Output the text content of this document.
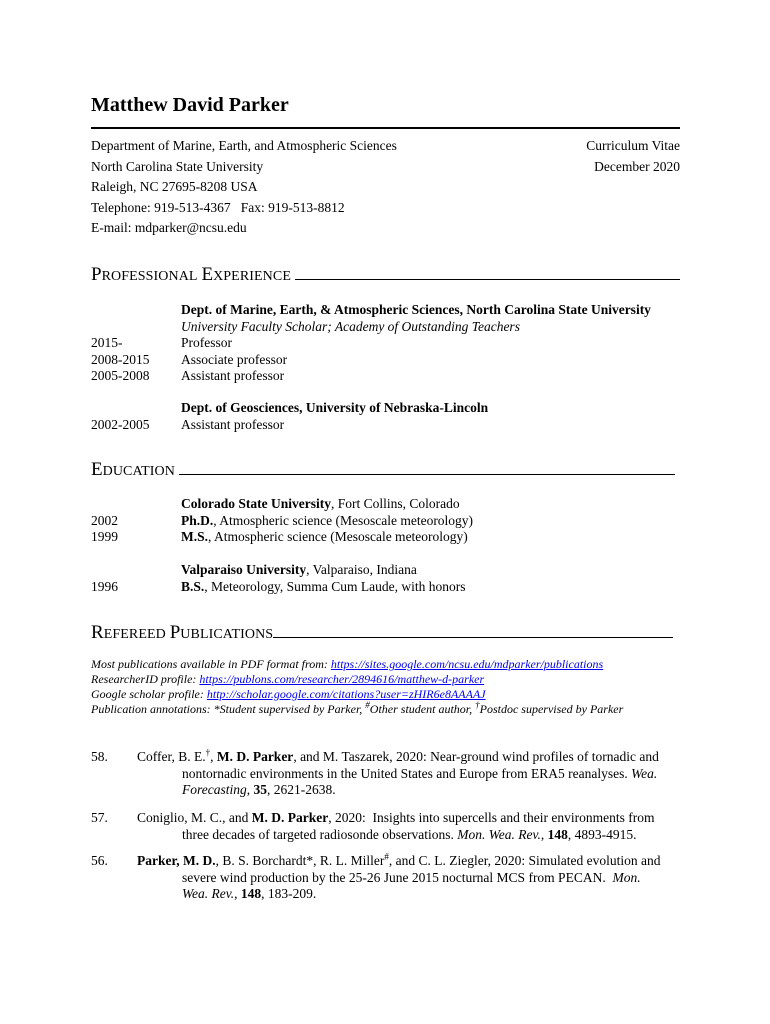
Matthew David Parker
Department of Marine, Earth, and Atmospheric Sciences
North Carolina State University
Raleigh, NC 27695-8208 USA
Telephone: 919-513-4367   Fax: 919-513-8812
E-mail: mdparker@ncsu.edu
Curriculum Vitae
December 2020
PROFESSIONAL EXPERIENCE
Dept. of Marine, Earth, & Atmospheric Sciences, North Carolina State University
University Faculty Scholar; Academy of Outstanding Teachers
2015-	Professor
2008-2015 Associate professor
2005-2008 Assistant professor
Dept. of Geosciences, University of Nebraska-Lincoln
2002-2005 Assistant professor
EDUCATION
Colorado State University, Fort Collins, Colorado
2002	Ph.D., Atmospheric science (Mesoscale meteorology)
1999	M.S., Atmospheric science (Mesoscale meteorology)
Valparaiso University, Valparaiso, Indiana
1996	B.S., Meteorology, Summa Cum Laude, with honors
REFEREED PUBLICATIONS
Most publications available in PDF format from: https://sites.google.com/ncsu.edu/mdparker/publications
ResearcherID profile: https://publons.com/researcher/2894616/matthew-d-parker
Google scholar profile: http://scholar.google.com/citations?user=zHIR6e8AAAAJ
Publication annotations: *Student supervised by Parker, #Other student author, †Postdoc supervised by Parker
58. Coffer, B. E.†, M. D. Parker, and M. Taszarek, 2020: Near-ground wind profiles of tornadic and
nontornadic environments in the United States and Europe from ERA5 reanalyses. Wea.
Forecasting, 35, 2621-2638.
57. Coniglio, M. C., and M. D. Parker, 2020:  Insights into supercells and their environments from
three decades of targeted radiosonde observations. Mon. Wea. Rev., 148, 4893-4915.
56. Parker, M. D., B. S. Borchardt*, R. L. Miller#, and C. L. Ziegler, 2020: Simulated evolution and
severe wind production by the 25-26 June 2015 nocturnal MCS from PECAN.  Mon.
Wea. Rev., 148, 183-209.
